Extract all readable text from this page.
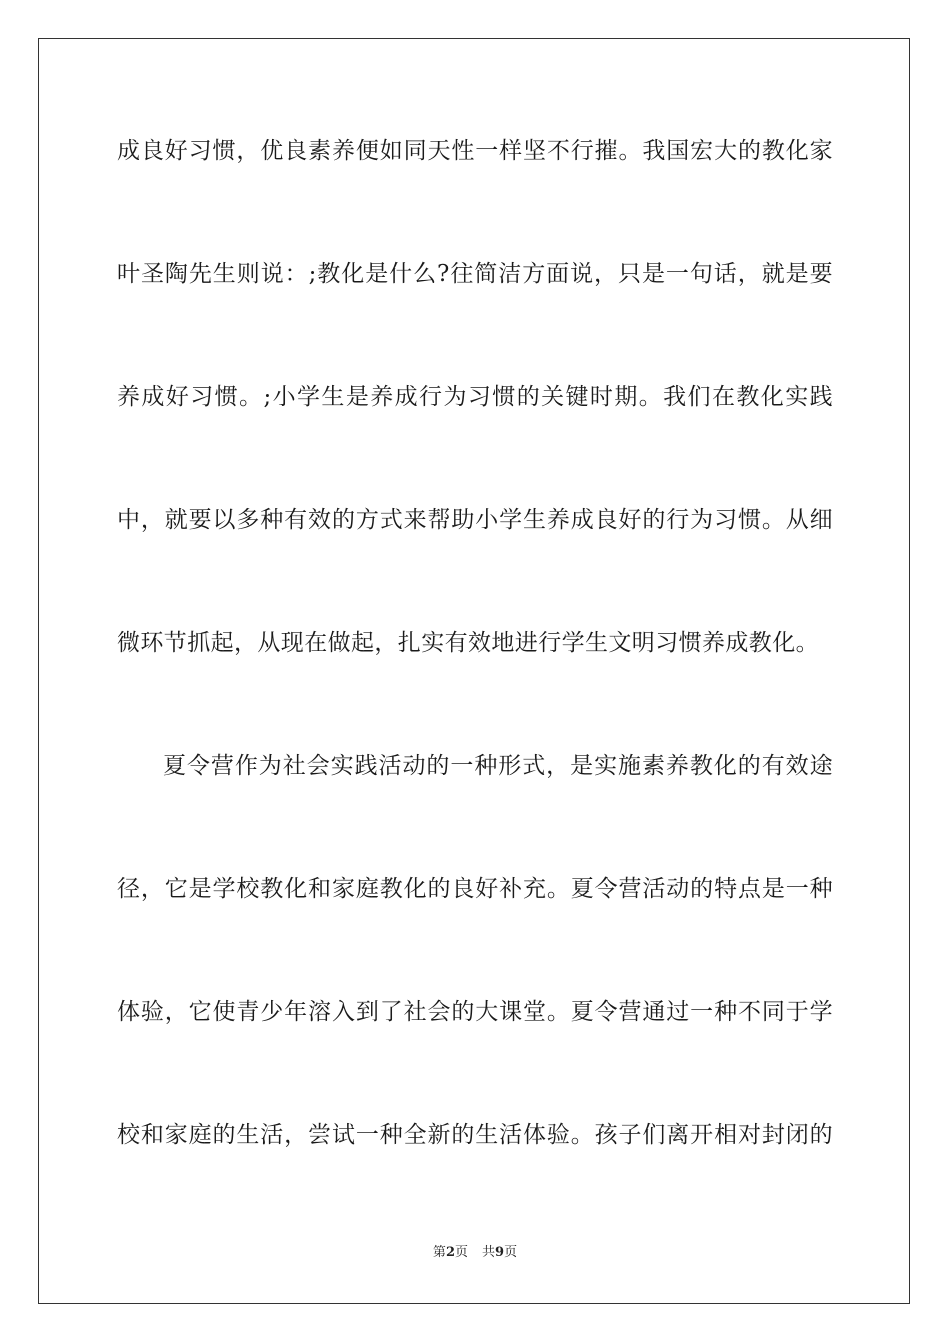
成良好习惯，优良素养便如同天性一样坚不行摧。我国宏大的教化家
叶圣陶先生则说：;教化是什么?往简洁方面说，只是一句话，就是要
养成好习惯。;小学生是养成行为习惯的关键时期。我们在教化实践
中，就要以多种有效的方式来帮助小学生养成良好的行为习惯。从细
微环节抓起，从现在做起，扎实有效地进行学生文明习惯养成教化。
夏令营作为社会实践活动的一种形式，是实施素养教化的有效途
径，它是学校教化和家庭教化的良好补充。夏令营活动的特点是一种
体验，它使青少年溶入到了社会的大课堂。夏令营通过一种不同于学
校和家庭的生活，尝试一种全新的生活体验。孩子们离开相对封闭的
第2页 共9页
